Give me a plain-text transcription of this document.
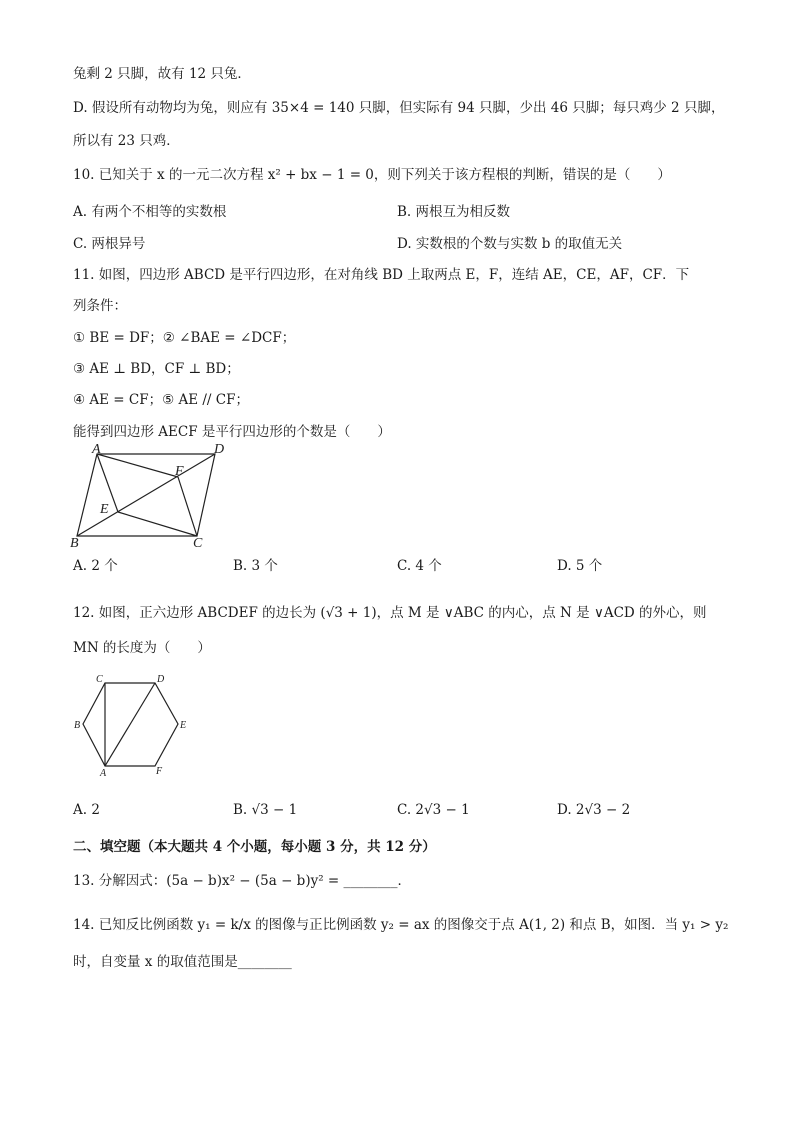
兔剩 2 只脚，故有 12 只兔．
D. 假设所有动物均为兔，则应有 35×4 = 140 只脚，但实际有 94 只脚，少出 46 只脚；每只鸡少 2 只脚，
所以有 23 只鸡．
10. 已知关于 x 的一元二次方程 x² + bx − 1 = 0，则下列关于该方程根的判断，错误的是（　　）
A. 有两个不相等的实数根	B. 两根互为相反数
C. 两根异号	D. 实数根的个数与实数 b 的取值无关
11. 如图，四边形 ABCD 是平行四边形，在对角线 BD 上取两点 E，F，连结 AE，CE，AF，CF．下
列条件：
① BE = DF；② ∠BAE = ∠DCF；
③ AE ⊥ BD，CF ⊥ BD；
④ AE = CF；⑤ AE // CF；
能得到四边形 AECF 是平行四边形的个数是（　　）
A	D
F
E
B	C
A. 2 个	B. 3 个	C. 4 个	D. 5 个
12. 如图，正六边形 ABCDEF 的边长为 (√3 + 1)，点 M 是 ∨ABC 的内心，点 N 是 ∨ACD 的外心，则
MN 的长度为（　　）
C	D
B	E
A	F
A. 2	B. √3 − 1	C. 2√3 − 1	D. 2√3 − 2
二、填空题（本大题共 4 个小题，每小题 3 分，共 12 分）
13. 分解因式：(5a − b)x² − (5a − b)y² = ________．
14. 已知反比例函数 y₁ = k/x 的图像与正比例函数 y₂ = ax 的图像交于点 A(1, 2) 和点 B，如图．当 y₁ > y₂
时，自变量 x 的取值范围是________
